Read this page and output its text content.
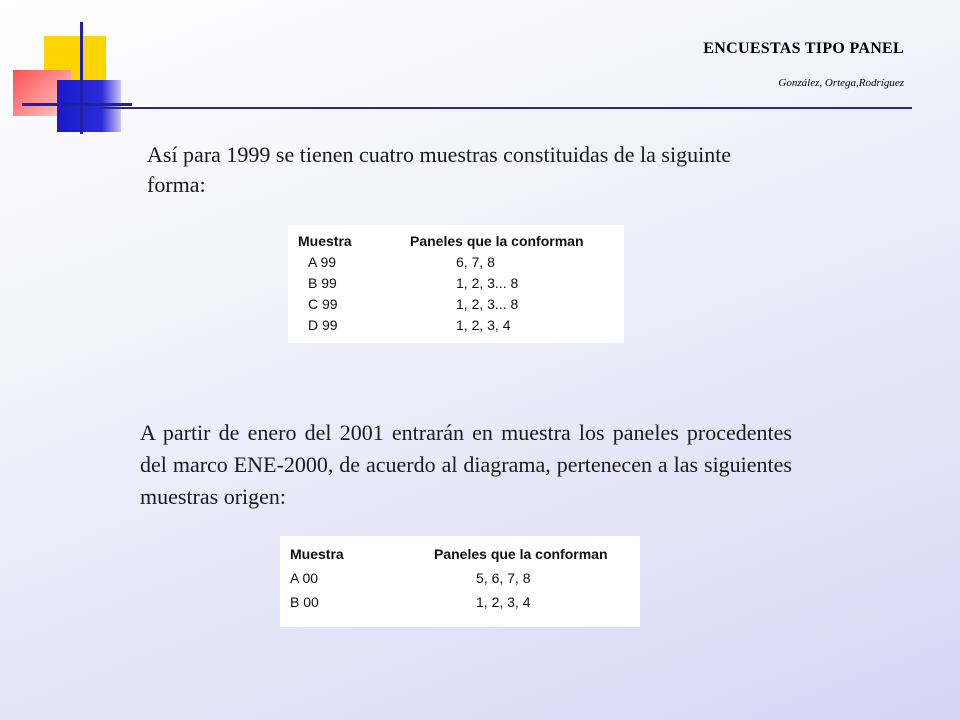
ENCUESTAS TIPO PANEL
González, Ortega,Rodríguez
Así para 1999 se tienen cuatro muestras constituidas de la siguinte forma:
Muestra	Paneles que la conforman
A 99	6, 7, 8
B 99	1, 2, 3... 8
C 99	1, 2, 3... 8
D 99	1, 2, 3, 4
A partir de enero del 2001 entrarán en muestra los paneles procedentes del marco ENE-2000, de acuerdo al diagrama, pertenecen a las siguientes muestras origen:
Muestra	Paneles que la conforman
A 00	5, 6, 7, 8
B 00	1, 2, 3, 4
